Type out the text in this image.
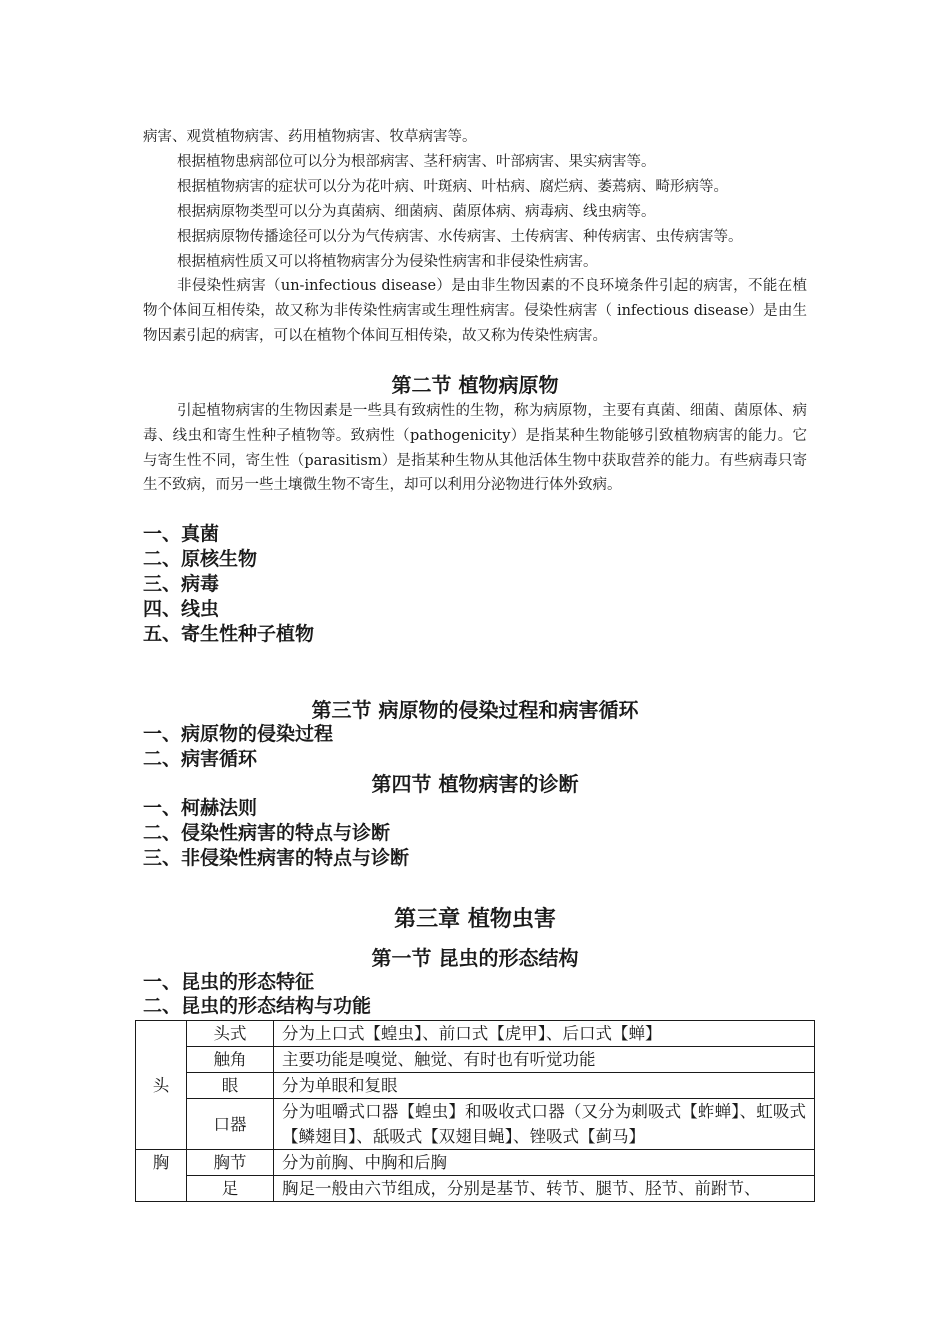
病害、观赏植物病害、药用植物病害、牧草病害等。

根据植物患病部位可以分为根部病害、茎秆病害、叶部病害、果实病害等。

根据植物病害的症状可以分为花叶病、叶斑病、叶枯病、腐烂病、萎蔫病、畸形病等。

根据病原物类型可以分为真菌病、细菌病、菌原体病、病毒病、线虫病等。

根据病原物传播途径可以分为气传病害、水传病害、土传病害、种传病害、虫传病害等。

根据植病性质又可以将植物病害分为侵染性病害和非侵染性病害。

非侵染性病害（un-infectious disease）是由非生物因素的不良环境条件引起的病害，不能在植物个体间互相传染，故又称为非传染性病害或生理性病害。侵染性病害（ infectious disease）是由生物因素引起的病害，可以在植物个体间互相传染，故又称为传染性病害。

第二节 植物病原物

引起植物病害的生物因素是一些具有致病性的生物，称为病原物，主要有真菌、细菌、菌原体、病毒、线虫和寄生性种子植物等。致病性（pathogenicity）是指某种生物能够引致植物病害的能力。它与寄生性不同，寄生性（parasitism）是指某种生物从其他活体生物中获取营养的能力。有些病毒只寄生不致病，而另一些土壤微生物不寄生，却可以利用分泌物进行体外致病。

一、真菌
二、原核生物
三、病毒
四、线虫
五、寄生性种子植物
第三节 病原物的侵染过程和病害循环
一、病原物的侵染过程
二、病害循环
第四节 植物病害的诊断
一、柯赫法则
二、侵染性病害的特点与诊断
三、非侵染性病害的特点与诊断
第三章 植物虫害
第一节 昆虫的形态结构
一、昆虫的形态特征
二、昆虫的形态结构与功能
头	头式	分为上口式【蝗虫】、前口式【虎甲】、后口式【蝉】
	触角	主要功能是嗅觉、触觉、有时也有听觉功能
	眼	分为单眼和复眼
	口器	分为咀嚼式口器【蝗虫】和吸收式口器（又分为刺吸式【蚱蝉】、虹吸式【鳞翅目】、舐吸式【双翅目蝇】、锉吸式【蓟马】
胸	胸节	分为前胸、中胸和后胸
	足	胸足一般由六节组成，分别是基节、转节、腿节、胫节、前跗节、
